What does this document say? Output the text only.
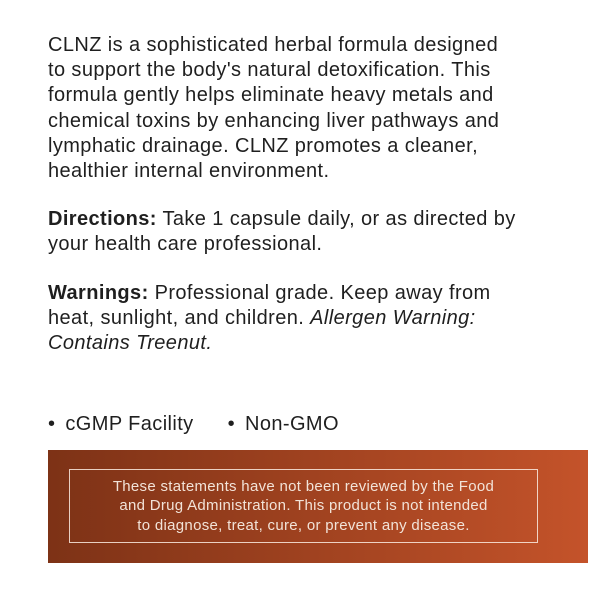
CLNZ is a sophisticated herbal formula designed
to support the body's natural detoxification. This
formula gently helps eliminate heavy metals and
chemical toxins by enhancing liver pathways and
lymphatic drainage. CLNZ promotes a cleaner,
healthier internal environment.
Directions: Take 1 capsule daily, or as directed by
your health care professional.
Warnings: Professional grade. Keep away from
heat, sunlight, and children. Allergen Warning:
Contains Treenut.
• cGMP Facility • Non-GMO
These statements have not been reviewed by the Food
and Drug Administration. This product is not intended
to diagnose, treat, cure, or prevent any disease.
